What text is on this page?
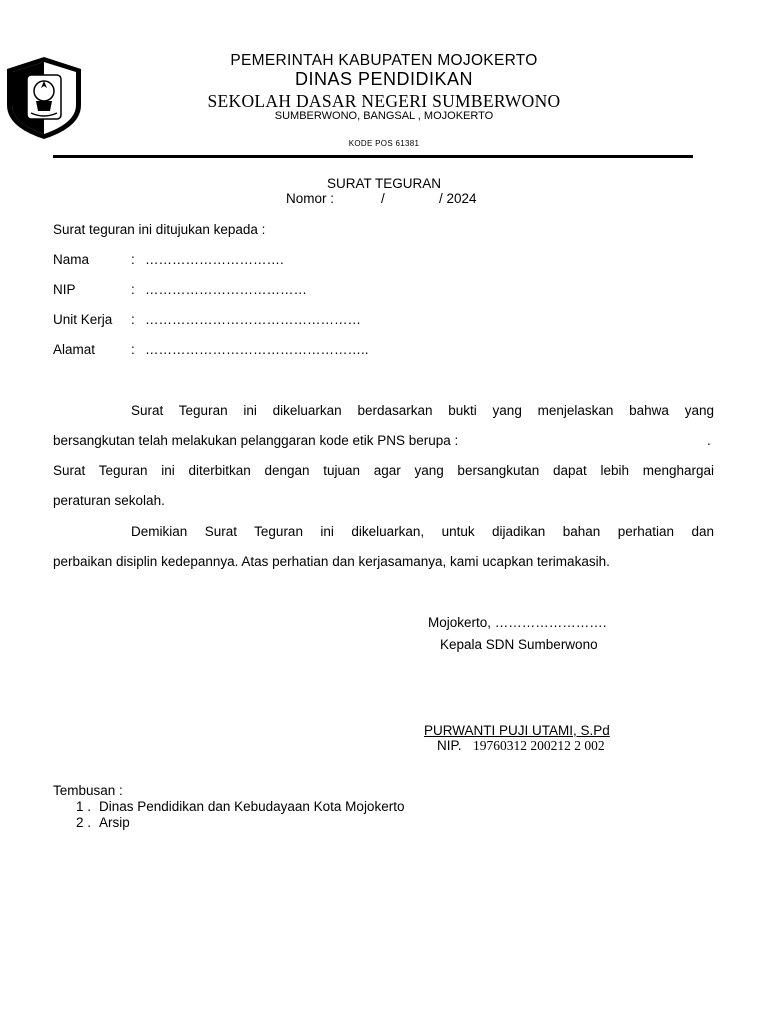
PEMERINTAH KABUPATEN MOJOKERTO
DINAS PENDIDIKAN
SEKOLAH DASAR NEGERI SUMBERWONO
SUMBERWONO, BANGSAL , MOJOKERTO
KODE POS 61381
SURAT TEGURAN
Nomor :	/	/ 2024
Surat teguran ini ditujukan kepada :
Nama	: ………………………….
NIP	: ………………………………
Unit Kerja : …………………………………………
Alamat	: …………………………………………..
Surat Teguran ini dikeluarkan berdasarkan bukti yang menjelaskan bahwa yang
bersangkutan telah melakukan pelanggaran kode etik PNS berupa :	.
Surat Teguran ini diterbitkan dengan tujuan agar yang bersangkutan dapat lebih menghargai
peraturan sekolah.
Demikian Surat Teguran ini dikeluarkan, untuk dijadikan bahan perhatian dan
perbaikan disiplin kedepannya. Atas perhatian dan kerjasamanya, kami ucapkan terimakasih.
Mojokerto, …………………….
Kepala SDN Sumberwono
PURWANTI PUJI UTAMI, S.Pd
NIP. 19760312 200212 2 002
Tembusan :
1 . Dinas Pendidikan dan Kebudayaan Kota Mojokerto
2 . Arsip
